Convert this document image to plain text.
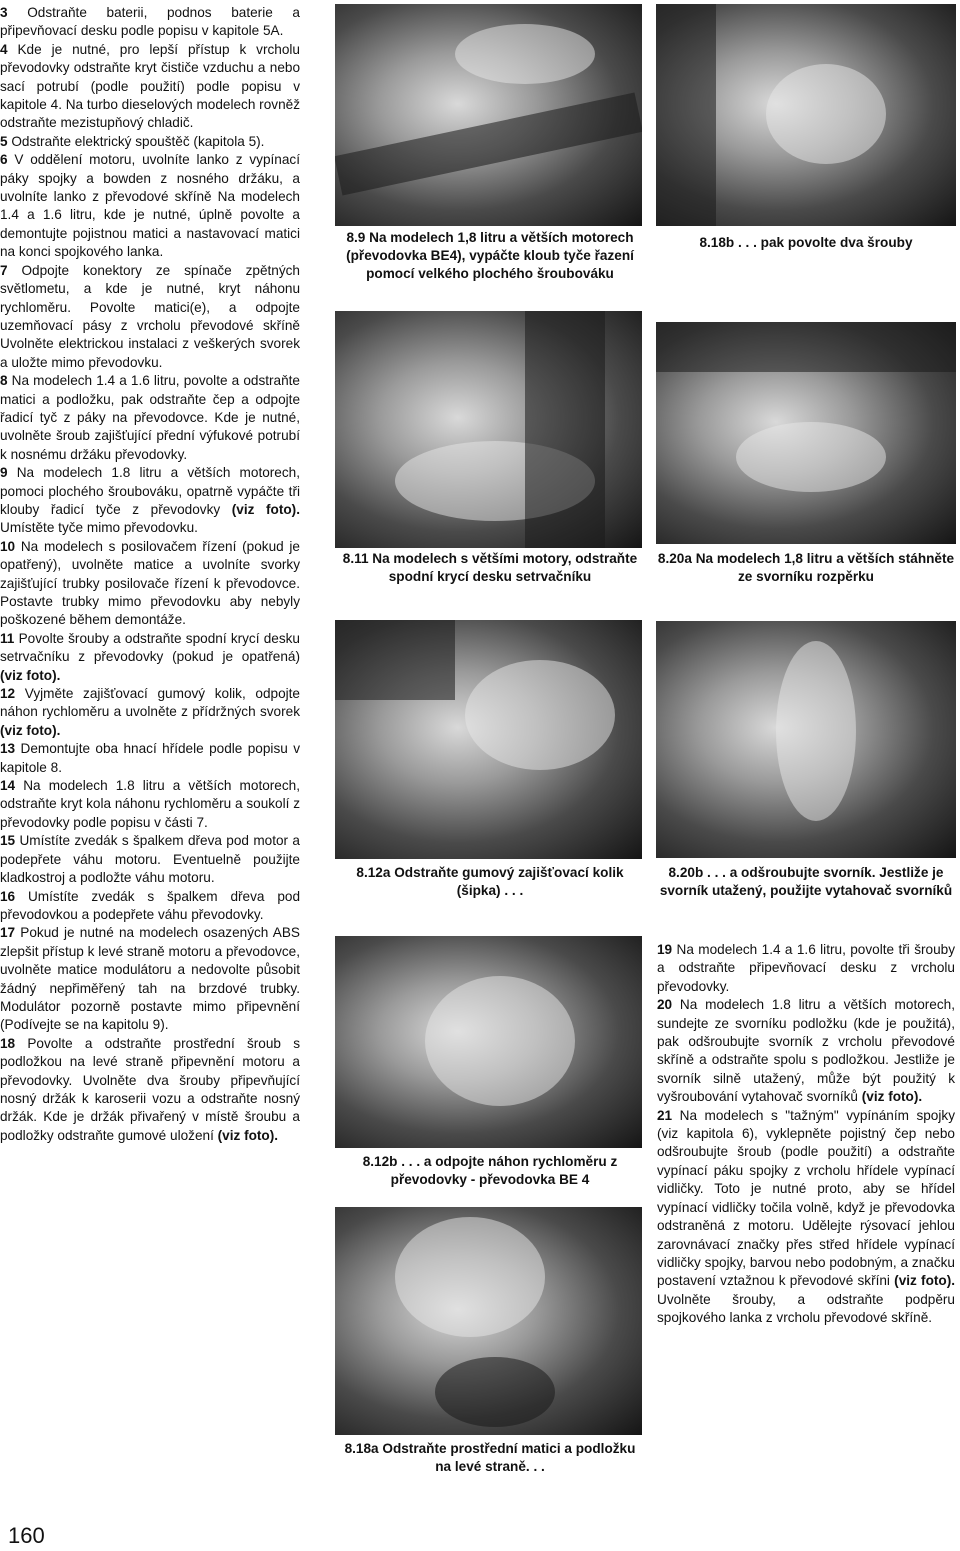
3 Odstraňte baterii, podnos baterie a připevňovací desku podle popisu v kapitole 5A.

4 Kde je nutné, pro lepší přístup k vrcholu převodovky odstraňte kryt čističe vzduchu a nebo sací potrubí (podle použití) podle popisu v kapitole 4. Na turbo dieselových modelech rovněž odstraňte mezistupňový chladič.

5 Odstraňte elektrický spouštěč (kapitola 5).

6 V oddělení motoru, uvolníte lanko z vypínací páky spojky a bowden z nosného držáku, a uvolníte lanko z převodové skříně Na modelech 1.4 a 1.6 litru, kde je nutné, úplně povolte a demontujte pojistnou matici a nastavovací matici na konci spojkového lanka.

7 Odpojte konektory ze spínače zpětných světlometu, a kde je nutné, kryt náhonu rychloměru. Povolte matici(e), a odpojte uzemňovací pásy z vrcholu převodové skříně Uvolněte elektrickou instalaci z veškerých svorek a uložte mimo převodovku.

8 Na modelech 1.4 a 1.6 litru, povolte a odstraňte matici a podložku, pak odstraňte čep a odpojte řadicí tyč z páky na převodovce. Kde je nutné, uvolněte šroub zajišťující přední výfukové potrubí k nosnému držáku převodovky.

9 Na modelech 1.8 litru a větších motorech, pomoci plochého šroubováku, opatrně vypáčte tři klouby řadicí tyče z převodovky (viz foto). Umístěte tyče mimo převodovku.

10 Na modelech s posilovačem řízení (pokud je opatřený), uvolněte matice a uvolníte svorky zajišťující trubky posilovače řízení k převodovce. Postavte trubky mimo převodovku aby nebyly poškozené během demontáže.

11 Povolte šrouby a odstraňte spodní krycí desku setrvačníku z převodovky (pokud je opatřená) (viz foto).

12 Vyjměte zajišťovací gumový kolik, odpojte náhon rychloměru a uvolněte z přídržných svorek (viz foto).

13 Demontujte oba hnací hřídele podle popisu v kapitole 8.

14 Na modelech 1.8 litru a větších motorech, odstraňte kryt kola náhonu rychloměru a soukolí z převodovky podle popisu v části 7.

15 Umístíte zvedák s špalkem dřeva pod motor a podepřete váhu motoru. Eventuelně použijte kladkostroj a podložte váhu motoru.

16 Umístíte zvedák s špalkem dřeva pod převodovkou a podepřete váhu převodovky.

17 Pokud je nutné na modelech osazených ABS zlepšit přístup k levé straně motoru a převodovce, uvolněte matice modulátoru a nedovolte působit žádný nepřiměřený tah na brzdové trubky. Modulátor pozorně postavte mimo připevnění (Podívejte se na kapitolu 9).

18 Povolte a odstraňte prostřední šroub s podložkou na levé straně připevnění motoru a převodovky. Uvolněte dva šrouby připevňující nosný držák k karoserii vozu a odstraňte nosný držák. Kde je držák přivařený v místě šroubu a podložky odstraňte gumové uložení (viz foto).

8.9 Na modelech 1,8 litru a větších motorech (převodovka BE4), vypáčte kloub tyče řazení pomocí velkého plochého šroubováku
8.11 Na modelech s většími motory, odstraňte spodní krycí desku setrvačníku
8.12a Odstraňte gumový zajišťovací kolik (šipka) . . .
8.12b . . . a odpojte náhon rychloměru z převodovky - převodovka BE 4
8.18a Odstraňte prostřední matici a podložku na levé straně. . .
8.18b . . . pak povolte dva šrouby
8.20a Na modelech 1,8 litru a větších stáhněte ze svorníku rozpěrku
8.20b . . . a odšroubujte svorník. Jestliže je svorník utažený, použijte vytahovač svorníků

19 Na modelech 1.4 a 1.6 litru, povolte tři šrouby a odstraňte připevňovací desku z vrcholu převodovky.

20 Na modelech 1.8 litru a větších motorech, sundejte ze svorníku podložku (kde je použitá), pak odšroubujte svorník z vrcholu převodové skříně a odstraňte spolu s podložkou. Jestliže je svorník silně utažený, může být použitý k vyšroubování vytahovač svorníků (viz foto).

21 Na modelech s "tažným" vypínáním spojky (viz kapitola 6), vyklepněte pojistný čep nebo odšroubujte šroub (podle použití) a odstraňte vypínací páku spojky z vrcholu hřídele vypínací vidličky. Toto je nutné proto, aby se hřídel vypínací vidličky točila volně, když je převodovka odstraněná z motoru. Udělejte rýsovací jehlou zarovnávací značky přes střed hřídele vypínací vidličky spojky, barvou nebo podobným, a značku postavení vztažnou k převodové skříni (viz foto). Uvolněte šrouby, a odstraňte podpěru spojkového lanka z vrcholu převodové skříně.

160
